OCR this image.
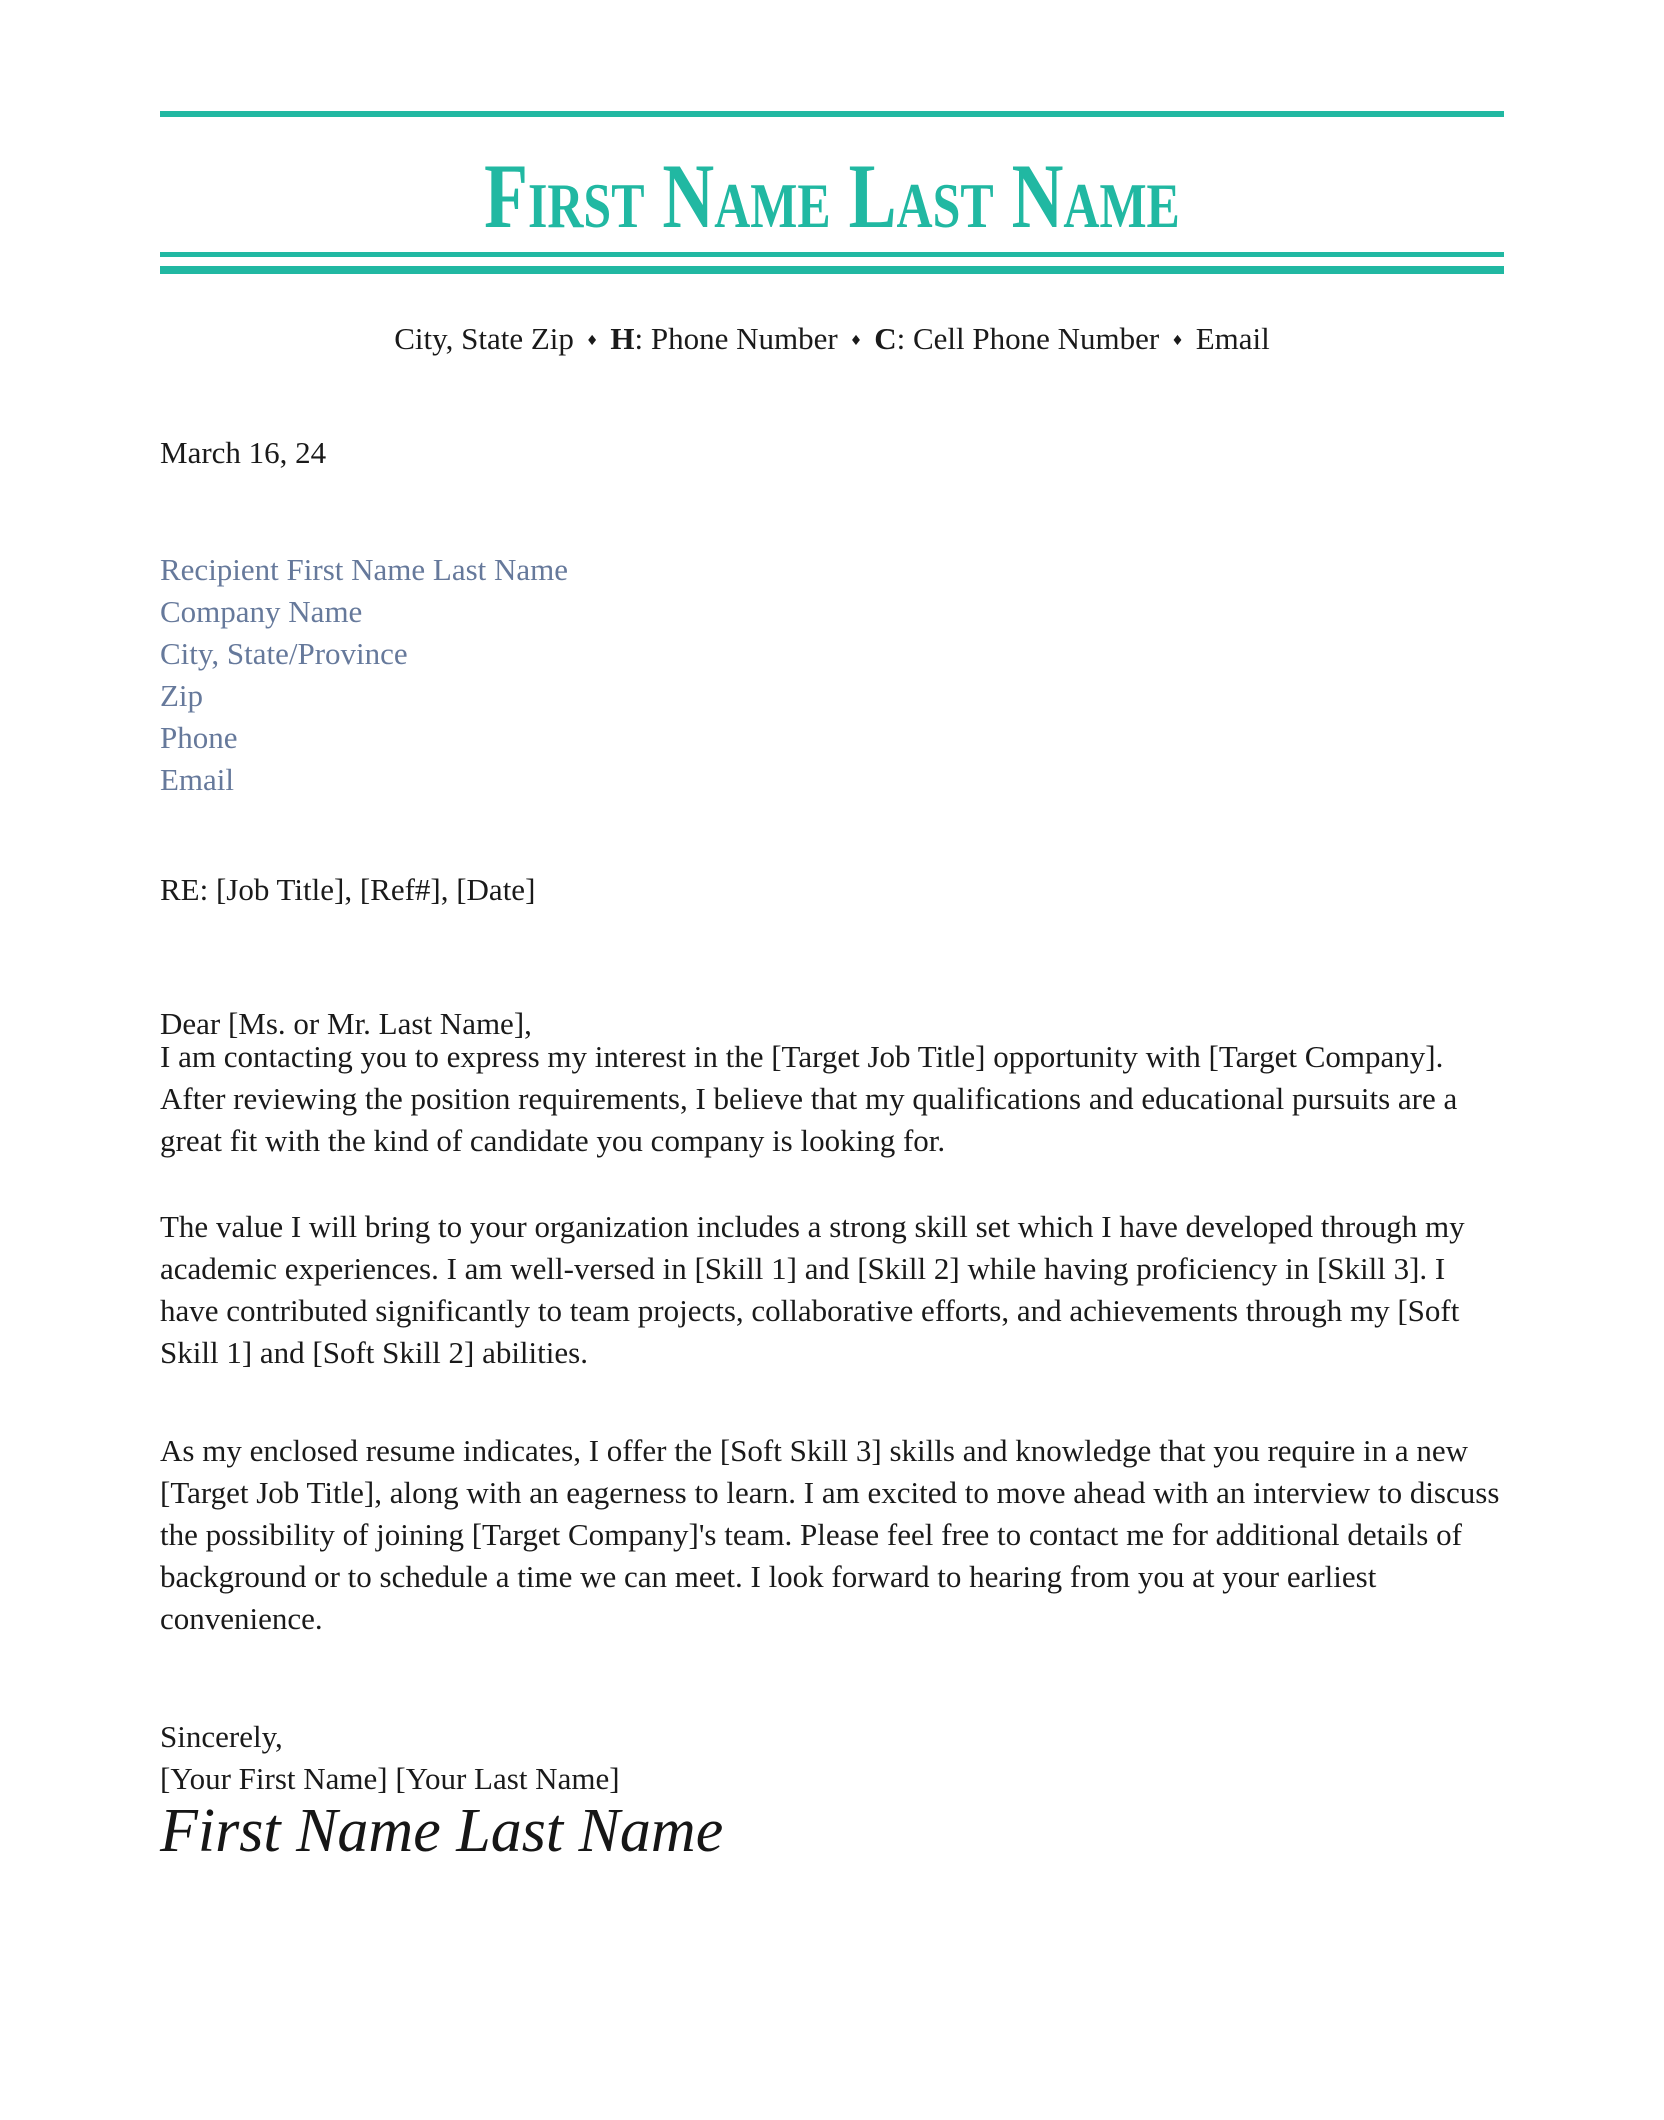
First Name Last Name
City, State Zip ♦ H: Phone Number ♦ C: Cell Phone Number ♦ Email
March 16, 24
Recipient First Name Last Name
Company Name
City, State/Province
Zip
Phone
Email
RE: [Job Title], [Ref#], [Date]
Dear [Ms. or Mr. Last Name],

I am contacting you to express my interest in the [Target Job Title] opportunity with [Target Company]. After reviewing the position requirements, I believe that my qualifications and educational pursuits are a great fit with the kind of candidate you company is looking for.

The value I will bring to your organization includes a strong skill set which I have developed through my academic experiences. I am well-versed in [Skill 1] and [Skill 2] while having proficiency in [Skill 3]. I have contributed significantly to team projects, collaborative efforts, and achievements through my [Soft Skill 1] and [Soft Skill 2] abilities.

As my enclosed resume indicates, I offer the [Soft Skill 3] skills and knowledge that you require in a new [Target Job Title], along with an eagerness to learn. I am excited to move ahead with an interview to discuss the possibility of joining [Target Company]'s team. Please feel free to contact me for additional details of background or to schedule a time we can meet. I look forward to hearing from you at your earliest convenience.

Sincerely,
[Your First Name] [Your Last Name]
First Name Last Name
